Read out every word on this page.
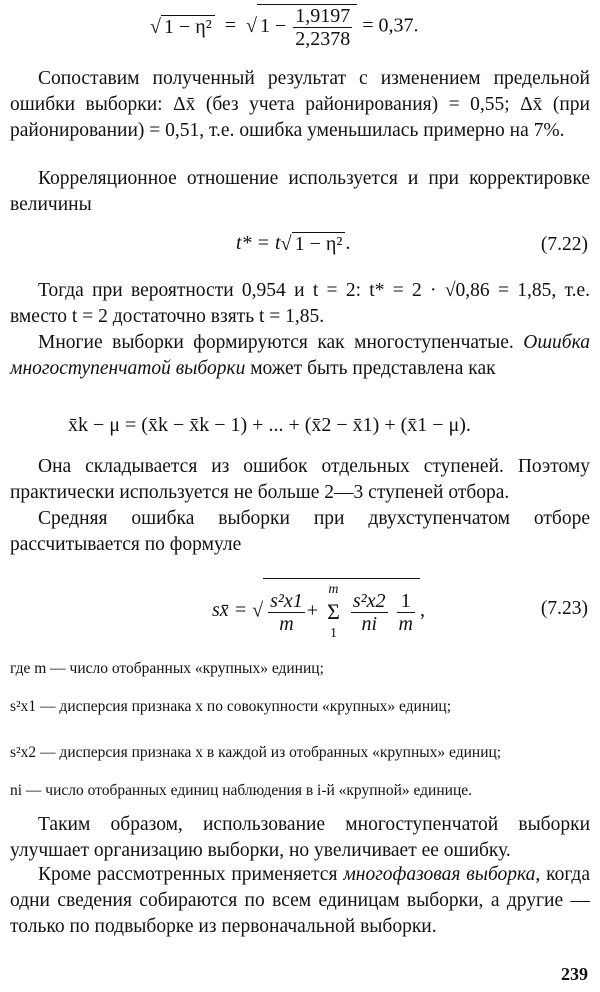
√ 1 − η²  =  √ $1 - \frac{1,9197}{2,2378} = 0,37$.
Сопоставим полученный результат с изменением предельной ошибки выборки: Δx̄ (без учета районирования) = 0,55; Δx̄ (при районировании) = 0,51, т.е. ошибка уменьшилась примерно на 7%.
Корреляционное отношение используется и при корректировке величины
t* = t√ 1 − η² .	(7.22)
Тогда при вероятности 0,954 и t = 2: t* = 2 · √0,86 = 1,85, т.е. вместо t = 2 достаточно взять t = 1,85.
Многие выборки формируются как многоступенчатые. Ошибка многоступенчатой выборки может быть представлена как
x̄k − μ = (x̄k − x̄k − 1) + ... + (x̄2 − x̄1) + (x̄1 − μ).
Она складывается из ошибок отдельных ступеней. Поэтому практически используется не больше 2—3 ступеней отбора.
Средняя ошибка выборки при двухступенчатом отборе рассчитывается по формуле
sx̄ = √ $\frac{\text{s²x1}}{m}$ +
m
Σ
1
$\frac{\text{s²x2}}{ni}$
$\frac{1}{m}$ ,	(7.23)
где m — число отобранных «крупных» единиц;
s²x1 — дисперсия признака x по совокупности «крупных» единиц;
s²x2 — дисперсия признака x в каждой из отобранных «крупных» единиц;
ni — число отобранных единиц наблюдения в i-й «крупной» единице.
Таким образом, использование многоступенчатой выборки улучшает организацию выборки, но увеличивает ее ошибку.
Кроме рассмотренных применяется многофазовая выборка, когда одни сведения собираются по всем единицам выборки, а другие — только по подвыборке из первоначальной выборки.
239
